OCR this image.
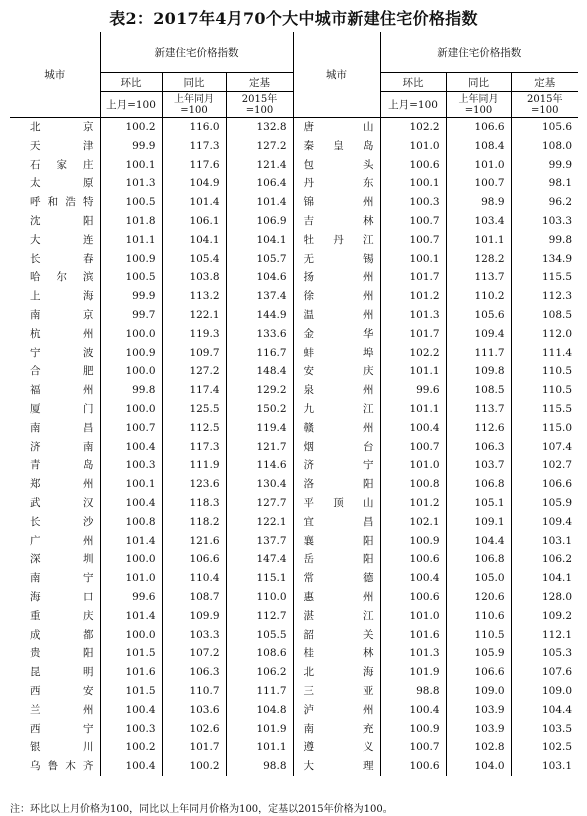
表2：2017年4月70个大中城市新建住宅价格指数
城市	新建住宅价格指数			城市	新建住宅价格指数		
	环比	同比	定基		环比	同比	定基
	上月=100	上年同月=100	2015年=100		上月=100	上年同月=100	2015年=100
北京	100.2	116.0	132.8	唐山	102.2	106.6	105.6
天津	99.9	117.3	127.2	秦皇岛	101.0	108.4	108.0
石家庄	100.1	117.6	121.4	包头	100.6	101.0	99.9
太原	101.3	104.9	106.4	丹东	100.1	100.7	98.1
呼和浩特	100.5	101.4	101.4	锦州	100.3	98.9	96.2
沈阳	101.8	106.1	106.9	吉林	100.7	103.4	103.3
大连	101.1	104.1	104.1	牡丹江	100.7	101.1	99.8
长春	100.9	105.4	105.7	无锡	100.1	128.2	134.9
哈尔滨	100.5	103.8	104.6	扬州	101.7	113.7	115.5
上海	99.9	113.2	137.4	徐州	101.2	110.2	112.3
南京	99.7	122.1	144.9	温州	101.3	105.6	108.5
杭州	100.0	119.3	133.6	金华	101.7	109.4	112.0
宁波	100.9	109.7	116.7	蚌埠	102.2	111.7	111.4
合肥	100.0	127.2	148.4	安庆	101.1	109.8	110.5
福州	99.8	117.4	129.2	泉州	99.6	108.5	110.5
厦门	100.0	125.5	150.2	九江	101.1	113.7	115.5
南昌	100.7	112.5	119.4	赣州	100.4	112.6	115.0
济南	100.4	117.3	121.7	烟台	100.7	106.3	107.4
青岛	100.3	111.9	114.6	济宁	101.0	103.7	102.7
郑州	100.1	123.6	130.4	洛阳	100.8	106.8	106.6
武汉	100.4	118.3	127.7	平顶山	101.2	105.1	105.9
长沙	100.8	118.2	122.1	宜昌	102.1	109.1	109.4
广州	101.4	121.6	137.7	襄阳	100.9	104.4	103.1
深圳	100.0	106.6	147.4	岳阳	100.6	106.8	106.2
南宁	101.0	110.4	115.1	常德	100.4	105.0	104.1
海口	99.6	108.7	110.0	惠州	100.6	120.6	128.0
重庆	101.4	109.9	112.7	湛江	101.0	110.6	109.2
成都	100.0	103.3	105.5	韶关	101.6	110.5	112.1
贵阳	101.5	107.2	108.6	桂林	101.3	105.9	105.3
昆明	101.6	106.3	106.2	北海	101.9	106.6	107.6
西安	101.5	110.7	111.7	三亚	98.8	109.0	109.0
兰州	100.4	103.6	104.8	泸州	100.4	103.9	104.4
西宁	100.3	102.6	101.9	南充	100.9	103.9	103.5
银川	100.2	101.7	101.1	遵义	100.7	102.8	102.5
乌鲁木齐	100.4	100.2	98.8	大理	100.6	104.0	103.1
注：环比以上月价格为100，同比以上年同月价格为100，定基以2015年价格为100。
